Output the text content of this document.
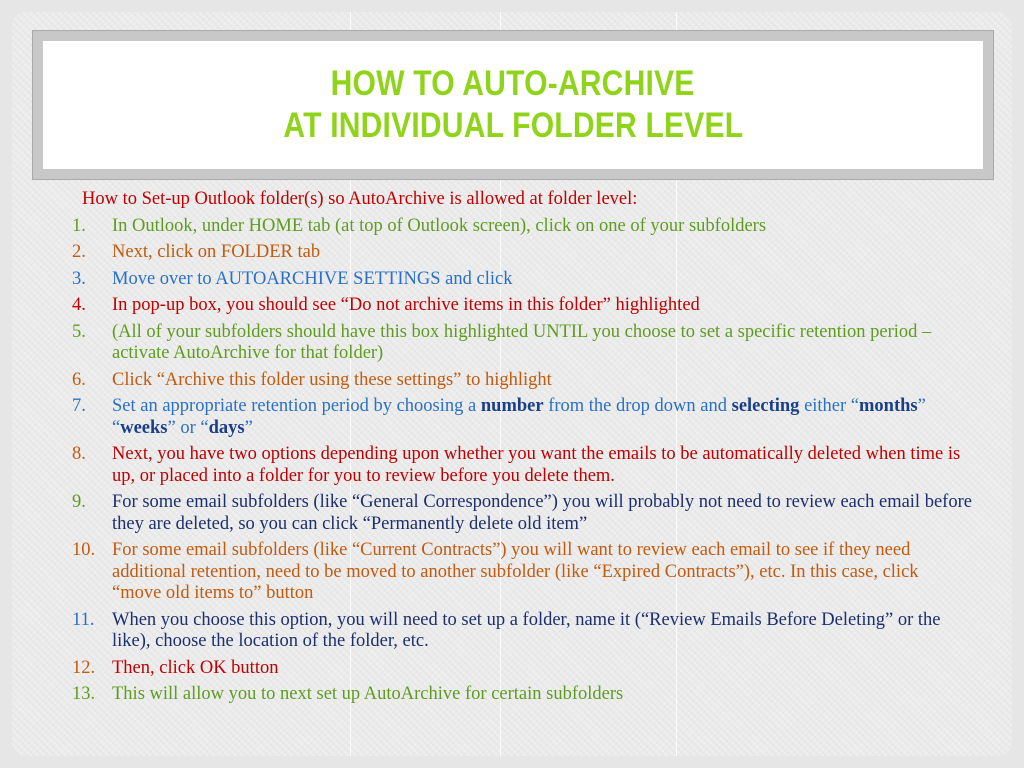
HOW TO AUTO-ARCHIVE
AT INDIVIDUAL FOLDER LEVEL
How to Set-up Outlook folder(s) so AutoArchive is allowed at folder level:
1.	In Outlook, under HOME tab (at top of Outlook screen), click on one of your subfolders
2.	Next, click on FOLDER tab
3.	Move over to AUTOARCHIVE SETTINGS and click
4.	In pop-up box, you should see “Do not archive items in this folder” highlighted
5.	(All of your subfolders should have this box highlighted UNTIL you choose to set a specific retention period – activate AutoArchive for that folder)
6.	Click “Archive this folder using these settings” to highlight
7.	Set an appropriate retention period by choosing a number from the drop down and selecting either “months” “weeks” or “days”
8.	Next, you have two options depending upon whether you want the emails to be automatically deleted when time is up, or placed into a folder for you to review before you delete them.
9.	For some email subfolders (like “General Correspondence”) you will probably not need to review each email before they are deleted, so you can click “Permanently delete old item”
10. For some email subfolders (like “Current Contracts”) you will want to review each email to see if they need additional retention, need to be moved to another subfolder (like “Expired Contracts”), etc. In this case, click “move old items to” button
11. When you choose this option, you will need to set up a folder, name it (“Review Emails Before Deleting” or the like), choose the location of the folder, etc.
12. Then, click OK button
13. This will allow you to next set up AutoArchive for certain subfolders
